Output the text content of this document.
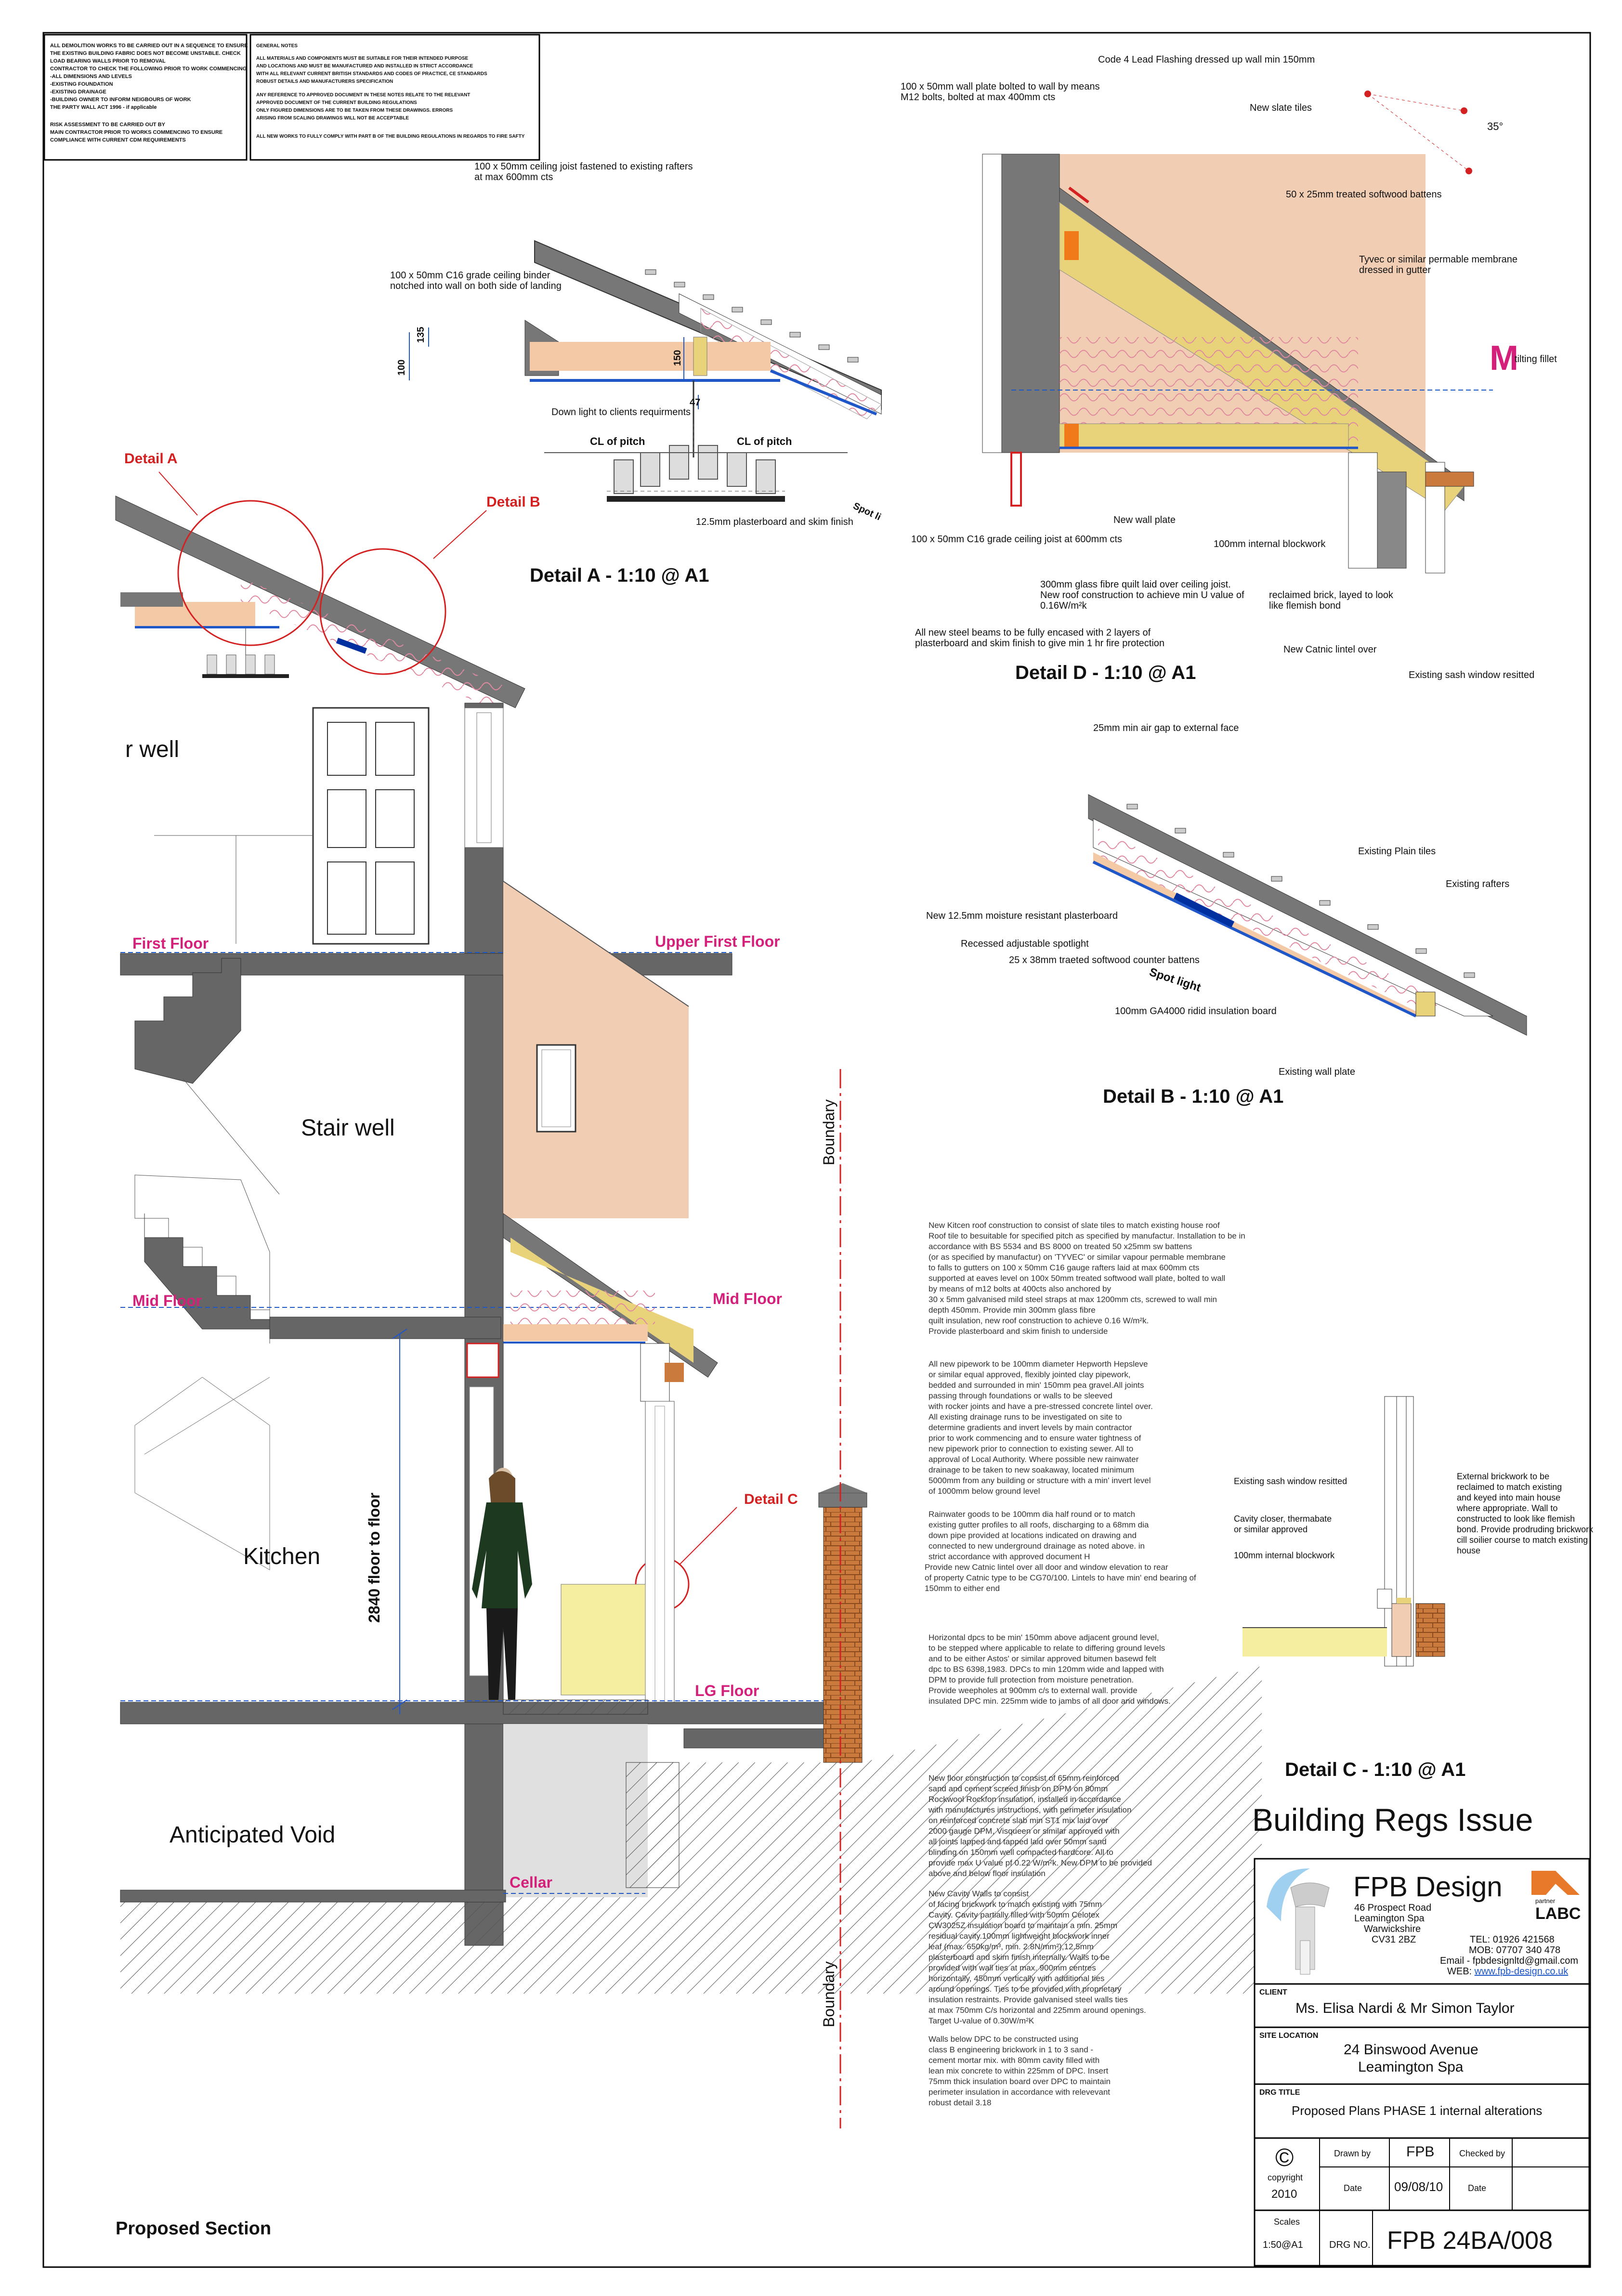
ALL DEMOLITION WORKS TO BE CARRIED OUT IN A SEQUENCE TO ENSURE THE EXISTING BUILDING FABRIC DOES NOT BECOME UNSTABLE. CHECK LOAD BEARING WALLS PRIOR TO REMOVAL CONTRACTOR TO CHECK THE FOLLOWING PRIOR TO WORK COMMENCING -ALL DIMENSIONS AND LEVELS -EXISTING FOUNDATION -EXISTING DRAINAGE -BUILDING OWNER TO INFORM NEIGBOURS OF WORK THE PARTY WALL ACT 1996 - if applicable RISK ASSESSMENT TO BE CARRIED OUT BY MAIN CONTRACTOR PRIOR TO WORKS COMMENCING TO ENSURE COMPLIANCE WITH CURRENT CDM REQUIREMENTS
GENERAL NOTES ALL MATERIALS AND COMPONENTS MUST BE SUITABLE FOR THEIR INTENDED PURPOSE AND LOCATIONS AND MUST BE MANUFACTURED AND INSTALLED IN STRICT ACCORDANCE WITH ALL RELEVANT CURRENT BRITISH STANDARDS AND CODES OF PRACTICE, CE STANDARDS ROBUST DETAILS AND MANUFACTURERS SPECIFICATION ANY REFERENCE TO APPROVED DOCUMENT IN THESE NOTES RELATE TO THE RELEVANT APPROVED DOCUMENT OF THE CURRENT BUILDING REGULATIONS ONLY FIGURED DIMENSIONS ARE TO BE TAKEN FROM THESE DRAWINGS. ERRORS ARISING FROM SCALING DRAWINGS WILL NOT BE ACCEPTABLE ALL NEW WORKS TO FULLY COMPLY WITH PART B OF THE BUILDING REGULATIONS IN REGARDS TO FIRE SAFTY
100 x 50mm ceiling joist fastened to existing rafters
at max 600mm cts
100 x 50mm C16 grade ceiling binder
notched into wall on both side of landing
100
135
150
47
Down light to clients requirments
CL of pitch	CL of pitch
12.5mm plasterboard and skim finish
Spot li
Detail A - 1:10 @ A1
Code 4 Lead Flashing dressed up wall min 150mm
100 x 50mm wall plate bolted to wall by means
M12 bolts, bolted at max 400mm cts
New slate tiles
50 x 25mm treated softwood battens
Tyvec or similar permable membrane
dressed in gutter
M
tilting fillet
35°
New wall plate
100mm internal blockwork
100 x 50mm C16 grade ceiling joist at 600mm cts
300mm glass fibre quilt laid over ceiling joist.
New roof construction to achieve min U value of
0.16W/m²k
All new steel beams to be fully encased with 2 layers of
plasterboard and skim finish to give min 1 hr fire protection
reclaimed brick, layed to look
like flemish bond
New Catnic lintel over
Existing sash window resitted
Detail D - 1:10 @ A1
25mm min air gap to external face
Existing Plain tiles
Existing rafters
New 12.5mm moisture resistant plasterboard
Recessed adjustable spotlight
25 x 38mm traeted softwood counter battens
Spot light
100mm GA4000 ridid insulation board
Existing wall plate
Detail B - 1:10 @ A1
Existing sash window resitted
Cavity closer, thermabate
or similar approved
100mm internal blockwork
External brickwork to be reclaimed to match existing and keyed into main house where appropriate. Wall to constructed to look like flemish bond. Provide prodruding brickwork cill soilier course to match existing house
Detail C - 1:10 @ A1
Detail A
Detail B
Detail C
r well
First Floor	Upper First Floor
Stair well
Mid Floor	Mid Floor
Kitchen	2840 floor to floor
LG Floor
Anticipated Void
Cellar
Boundary
Boundary
Proposed Section
New Kitcen roof construction to consist of slate tiles to match existing house roof Roof tile to besuitable for specified pitch as specified by manufactur. Installation to be in accordance with BS 5534 and BS 8000 on treated 50 x25mm sw battens (or as specified by manufactur) on 'TYVEC' or similar vapour permable membrane to falls to gutters on 100 x 50mm C16 gauge rafters laid at max 600mm cts supported at eaves level on 100x 50mm treated softwood wall plate, bolted to wall by means of m12 bolts at 400cts also anchored by 30 x 5mm galvanised mild steel straps at max 1200mm cts, screwed to wall min depth 450mm. Provide min 300mm glass fibre quilt insulation, new roof construction to achieve 0.16 W/m²k. Provide plasterboard and skim finish to underside
All new pipework to be 100mm diameter Hepworth Hepsleve or similar equal approved, flexibly jointed clay pipework, bedded and surrounded in min' 150mm pea gravel.All joints passing through foundations or walls to be sleeved with rocker joints and have a pre-stressed concrete lintel over. All existing drainage runs to be investigated on site to determine gradients and invert levels by main contractor prior to work commencing and to ensure water tightness of new pipework prior to connection to existing sewer. All to approval of Local Authority. Where possible new rainwater drainage to be taken to new soakaway, located minimum 5000mm from any building or structure with a min' invert level of 1000mm below ground level
Rainwater goods to be 100mm dia half round or to match existing gutter profiles to all roofs, discharging to a 68mm dia down pipe provided at locations indicated on drawing and connected to new underground drainage as noted above. in strict accordance with approved document H
Provide new Catnic lintel over all door and window elevation to rear of property Catnic type to be CG70/100. Lintels to have min' end bearing of 150mm to either end
Horizontal dpcs to be min' 150mm above adjacent ground level, to be stepped where applicable to relate to differing ground levels and to be either Astos' or similar approved bitumen basewd felt dpc to BS 6398,1983. DPCs to min 120mm wide and lapped with DPM to provide full protection from moisture penetration. Provide weepholes at 900mm c/s to external wall. provide insulated DPC min. 225mm wide to jambs of all door and windows.
New floor construction to consist of 65mm reinforced sand and cement screed finish on DPM on 80mm Rockwool Rockfon insulation, installed in accordance with manufactures instructions, with perimeter insulation on reinforced concrete slab min ST1 mix laid over 2000 gauge DPM, Visqueen or similar approved with all joints lapped and tapped laid over 50mm sand blinding on 150mm well compacted hardcore. All to provide max U value pf 0.22 W/m²k. New DPM to be provided above and below floor insulation
New Cavity Walls to consist of facing brickwork to match existing with 75mm Cavity. Cavity partially filled with 50mm Celotex CW3025Z insulation board to maintain a min. 25mm residual cavity.100mm lightweight blockwork inner leaf (max. 650kg/m³, min. 2.8N/mm²),12.5mm plasterboard and skim finish internally. Walls to be provided with wall ties at max. 900mm centres horizontally, 450mm vertically with additional ties around openings. Ties to be provided with proprietary insulation restraints. Provide galvanised steel walls ties at max 750mm C/s horizontal and 225mm around openings. Target U-value of 0.30W/m²K
Walls below DPC to be constructed using class B engineering brickwork in 1 to 3 sand - cement mortar mix. with 80mm cavity filled with lean mix concrete to within 225mm of DPC. Insert 75mm thick insulation board over DPC to maintain perimeter insulation in accordance with relevevant robust detail 3.18
Building Regs Issue
FPB Design
46 Prospect Road Leamington Spa Warwickshire CV31 2BZ
partner
LABC
TEL: 01926 421568
MOB: 07707 340 478
Email - fpbdesignltd@gmail.com
WEB: www.fpb-design.co.uk
CLIENT
Ms. Elisa Nardi & Mr Simon Taylor
SITE LOCATION
24 Binswood Avenue
Leamington Spa
DRG TITLE
Proposed Plans PHASE 1 internal alterations
©
copyright
2010
Drawn by FPB	Checked by
Date	09/08/10	Date
Scales
1:50@A1	DRG NO. FPB 24BA/008
